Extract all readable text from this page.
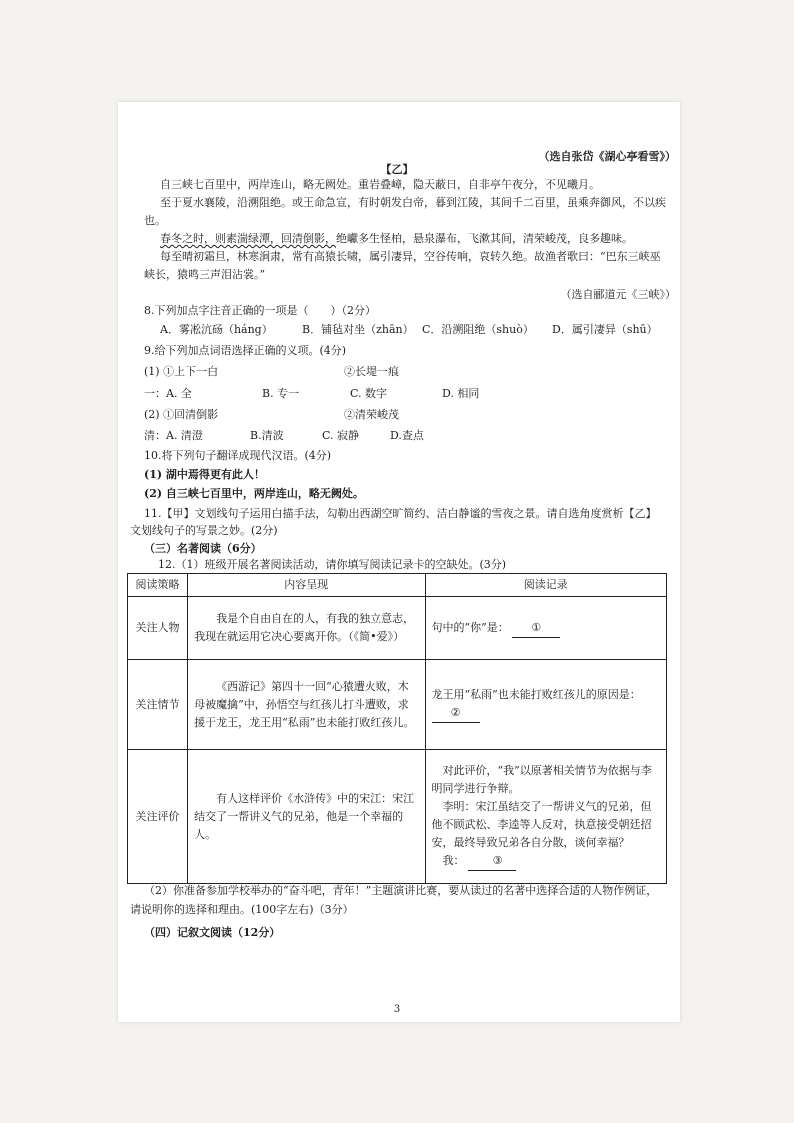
（选自张岱《湖心亭看雪》）
【乙】
自三峡七百里中，两岸连山，略无阙处。重岩叠嶂，隐天蔽日，自非亭午夜分，不见曦月。
至于夏水襄陵，沿溯阻绝。或王命急宣，有时朝发白帝，暮到江陵，其间千二百里，虽乘奔御风，不以疾
也。
春冬之时，则素湍绿潭，回清倒影，绝巘多生怪柏，悬泉瀑布，飞漱其间，清荣峻茂，良多趣味。
每至晴初霜旦，林寒涧肃，常有高猿长啸，属引凄异，空谷传响，哀转久绝。故渔者歌曰：“巴东三峡巫
峡长，猿鸣三声泪沾裳。”
（选自郦道元《三峡》）
8.下列加点字注音正确的一项是（　　）（2分）
A．雾凇沆砀（háng）	B．铺毡对坐（zhān） C．沿溯阻绝（shuò） D．属引凄异（shū）
9.给下列加点词语选择正确的义项。(4分)
(1) ①上下一白	②长堤一痕
一：A. 全	B. 专一	C. 数字	D. 相同
(2) ①回清倒影	②清荣峻茂
清：A. 清澄	B.清波	C. 寂静	D.查点
10.将下列句子翻译成现代汉语。(4分)
(1) 湖中焉得更有此人！
(2) 自三峡七百里中，两岸连山，略无阙处。
11.【甲】文划线句子运用白描手法，勾勒出西湖空旷简约、洁白静谧的雪夜之景。请自选角度赏析【乙】
文划线句子的写景之妙。(2分)
（三）名著阅读（6分）
12.（1）班级开展名著阅读活动，请你填写阅读记录卡的空缺处。(3分)
阅读策略	内容呈现	阅读记录
关注人物	我是个自由自在的人，有我的独立意志，我现在就运用它决心要离开你。（《简•爱》）	句中的“你”是： ①
关注情节	《西游记》第四十一回“心猿遭火败，木母被魔擒”中，孙悟空与红孩儿打斗遭败，求援于龙王，龙王用“私雨”也未能打败红孩儿。	龙王用“私雨”也未能打败红孩儿的原因是： ②
关注评价	有人这样评价《水浒传》中的宋江：宋江结交了一帮讲义气的兄弟，他是一个幸福的人。	对此评价，“我”以原著相关情节为依据与李明同学进行争辩。
李明：宋江虽结交了一帮讲义气的兄弟，但他不顾武松、李逵等人反对，执意接受朝廷招安，最终导致兄弟各自分散，谈何幸福？
我： ③
（2）你准备参加学校举办的“奋斗吧，青年！”主题演讲比赛，要从读过的名著中选择合适的人物作例证，
请说明你的选择和理由。(100字左右)（3分）
（四）记叙文阅读（12分）
3
